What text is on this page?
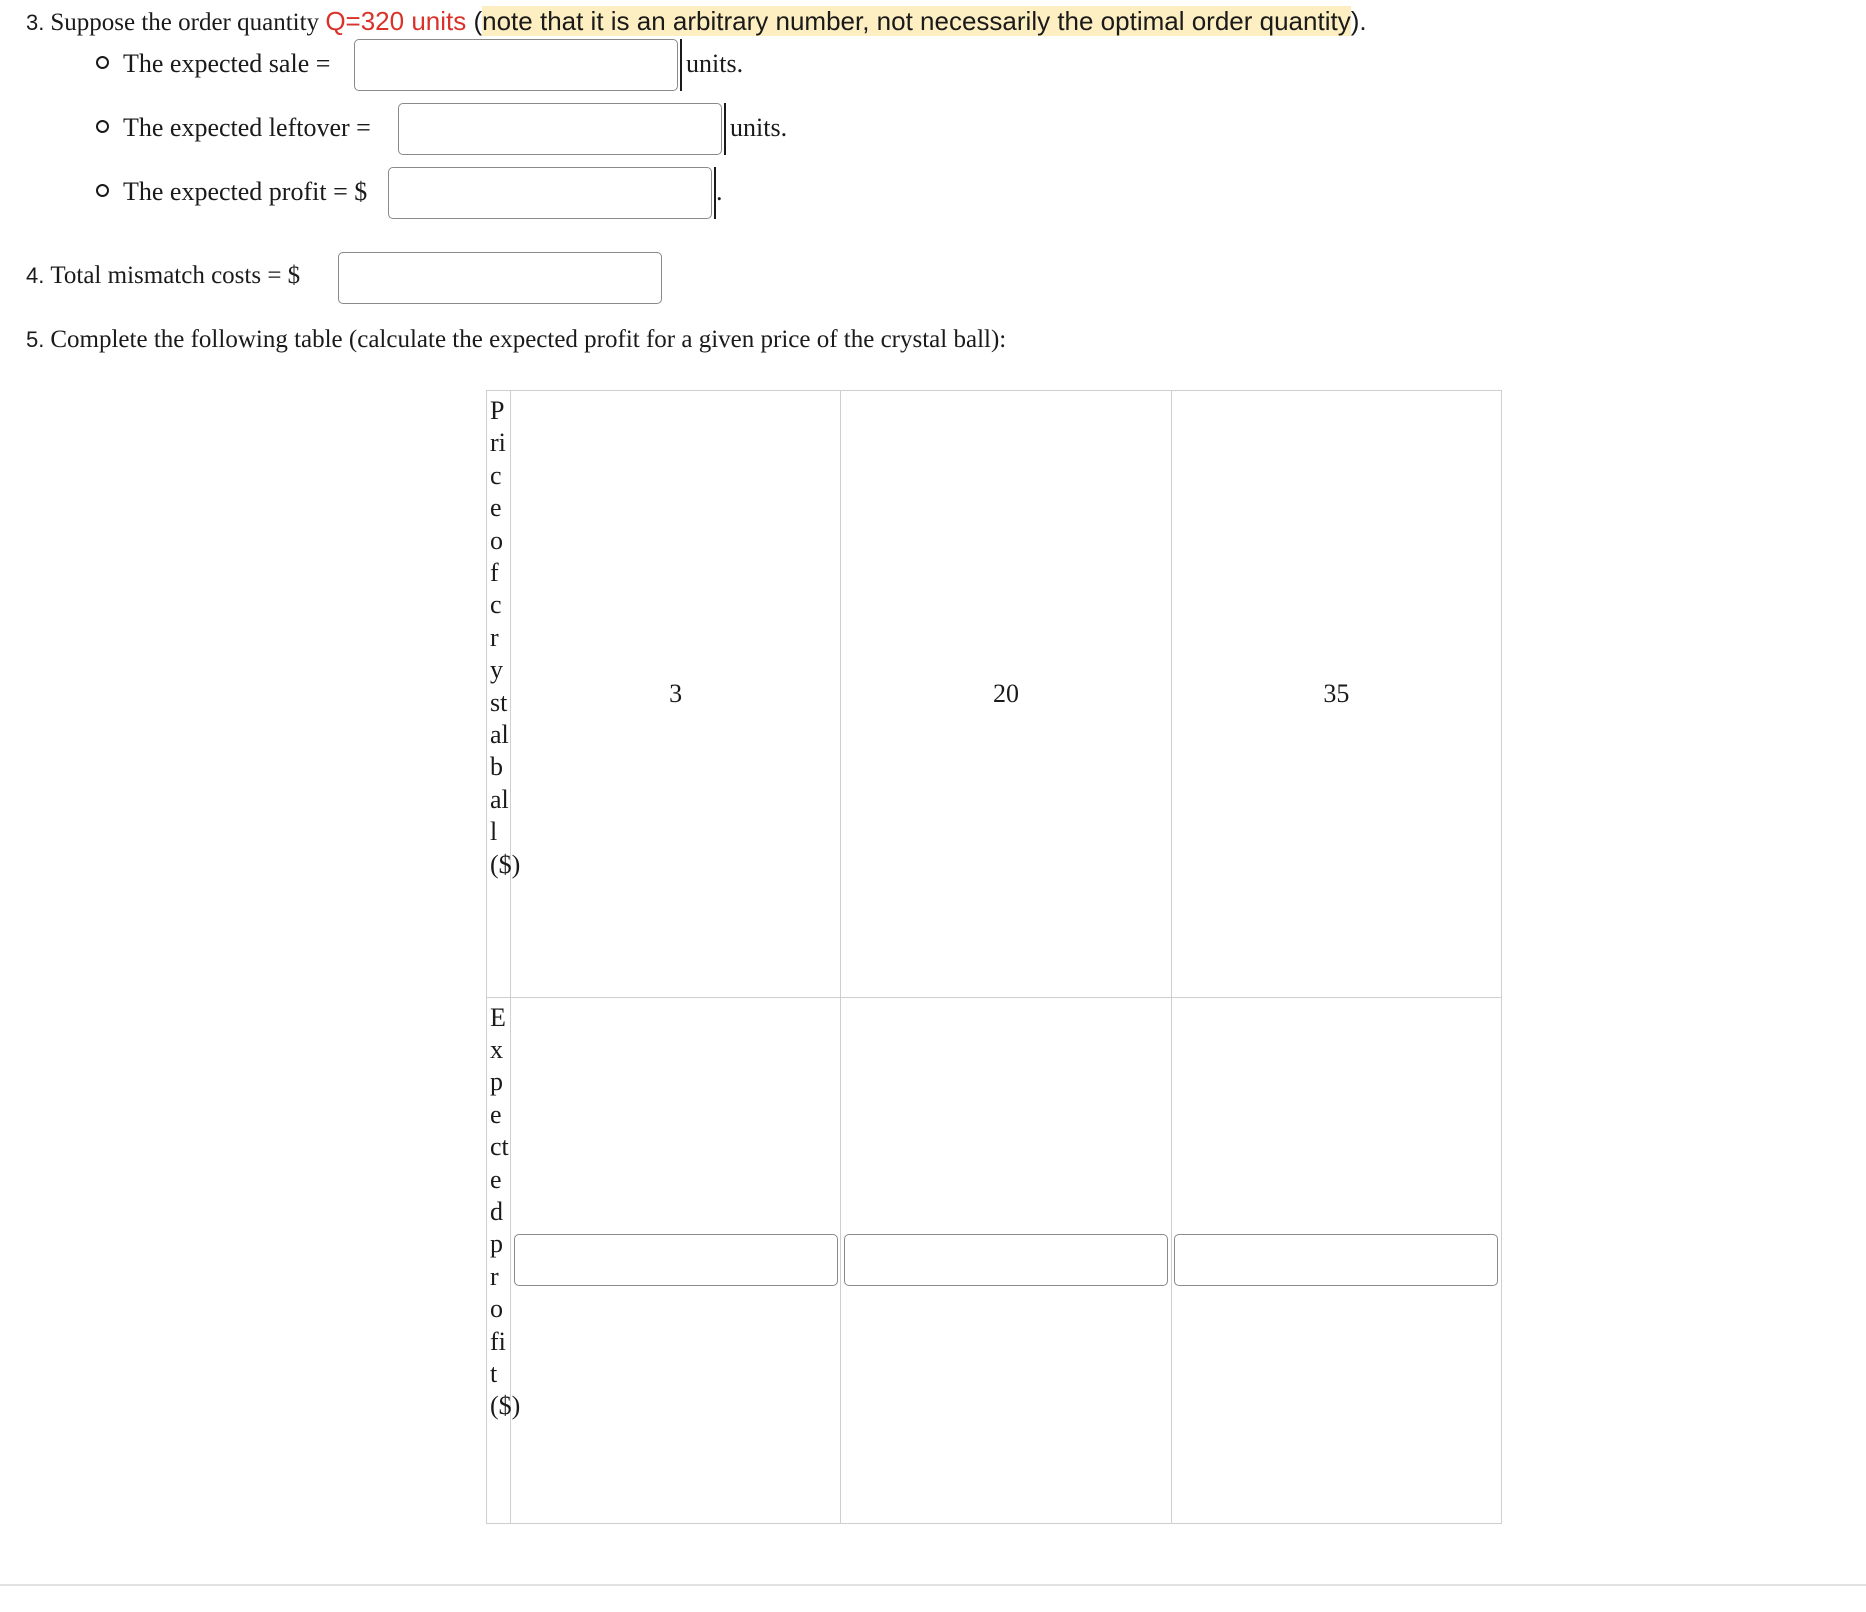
3. Suppose the order quantity Q=320 units (note that it is an arbitrary number, not necessarily the optimal order quantity).
The expected sale =	units.
The expected leftover =	units.
The expected profit = $	.
4. Total mismatch costs = $
5. Complete the following table (calculate the expected profit for a given price of the crystal ball):
Price of crystal ball ($)	3	20	35
Expected profit ($)	
